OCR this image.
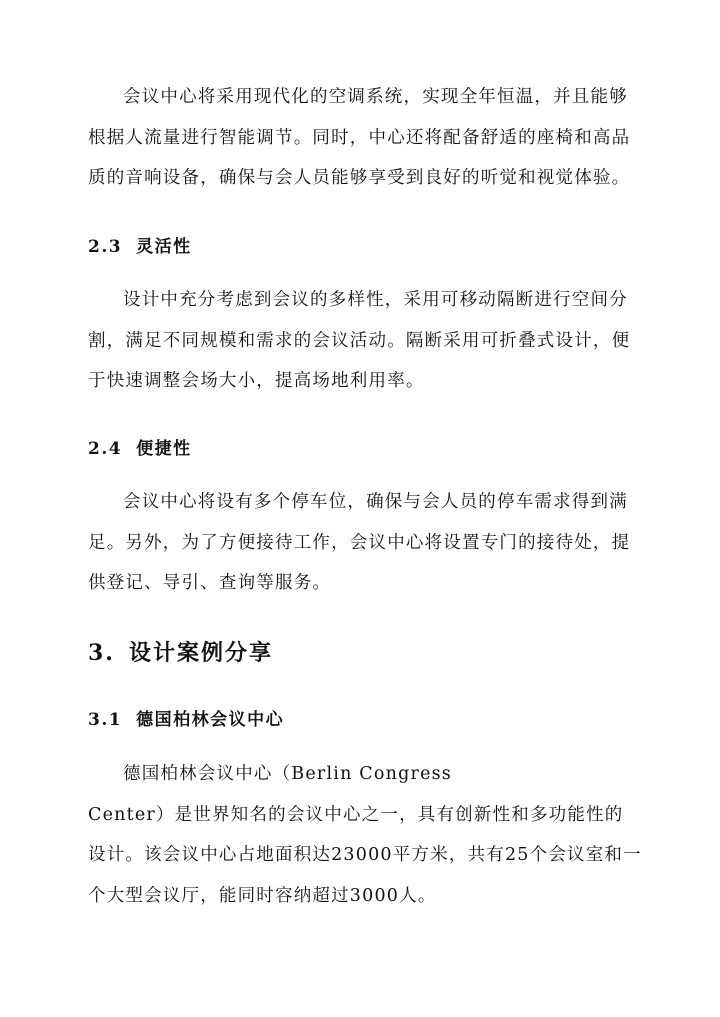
会议中心将采用现代化的空调系统，实现全年恒温，并且能够
根据人流量进行智能调节。同时，中心还将配备舒适的座椅和高品
质的音响设备，确保与会人员能够享受到良好的听觉和视觉体验。

2.3 灵活性

设计中充分考虑到会议的多样性，采用可移动隔断进行空间分
割，满足不同规模和需求的会议活动。隔断采用可折叠式设计，便
于快速调整会场大小，提高场地利用率。

2.4 便捷性

会议中心将设有多个停车位，确保与会人员的停车需求得到满
足。另外，为了方便接待工作，会议中心将设置专门的接待处，提
供登记、导引、查询等服务。

3. 设计案例分享
3.1 德国柏林会议中心

德国柏林会议中心（Berlin Congress
Center）是世界知名的会议中心之一，具有创新性和多功能性的
设计。该会议中心占地面积达23000平方米，共有25个会议室和一
个大型会议厅，能同时容纳超过3000人。
